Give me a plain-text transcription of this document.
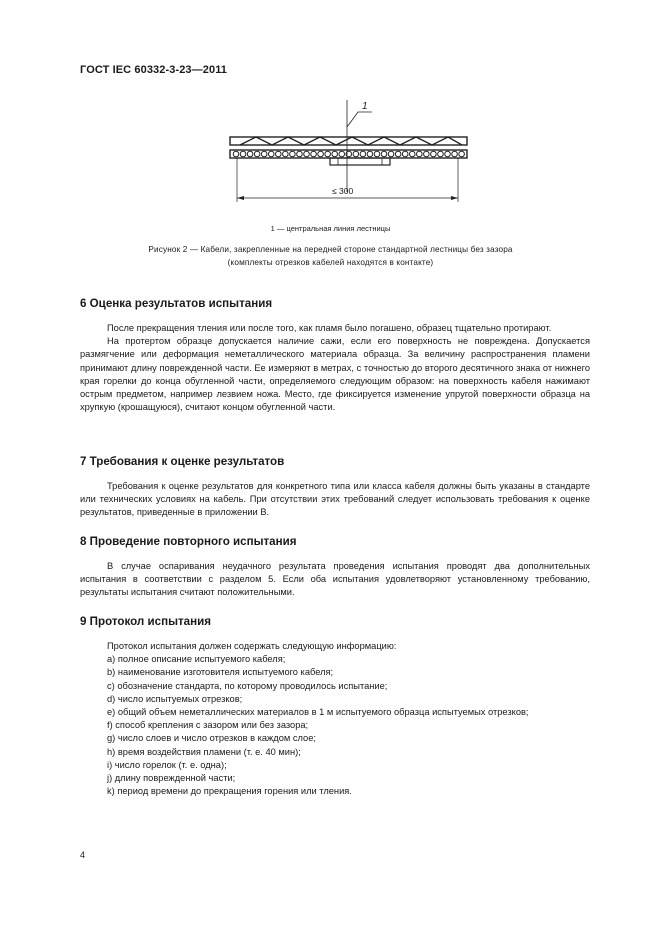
ГОСТ IEC 60332-3-23—2011
1
≤ 300
1 — центральная линия лестницы
Рисунок 2 — Кабели, закрепленные на передней стороне стандартной лестницы без зазора
(комплекты отрезков кабелей находятся в контакте)
6 Оценка результатов испытания

После прекращения тления или после того, как пламя было погашено, образец тщательно протирают.

На протертом образце допускается наличие сажи, если его поверхность не повреждена. Допускается размягчение или деформация неметаллического материала образца. За величину распространения пламени принимают длину поврежденной части. Ее измеряют в метрах, с точностью до второго десятичного знака от нижнего края горелки до конца обугленной части, определяемого следующим образом: на поверхность кабеля нажимают острым предметом, например лезвием ножа. Место, где фиксируется изменение упругой поверхности образца на хрупкую (крошащуюся), считают концом обугленной части.

7 Требования к оценке результатов

Требования к оценке результатов для конкретного типа или класса кабеля должны быть указаны в стандарте или технических условиях на кабель. При отсутствии этих требований следует использовать требования к оценке результатов, приведенные в приложении В.

8 Проведение повторного испытания

В случае оспаривания неудачного результата проведения испытания проводят два дополнительных испытания в соответствии с разделом 5. Если оба испытания удовлетворяют установленному требованию, результаты испытания считают положительными.

9 Протокол испытания

Протокол испытания должен содержать следующую информацию:

a) полное описание испытуемого кабеля;
b) наименование изготовителя испытуемого кабеля;
c) обозначение стандарта, по которому проводилось испытание;
d) число испытуемых отрезков;
e) общий объем неметаллических материалов в 1 м испытуемого образца испытуемых отрезков;
f) способ крепления с зазором или без зазора;
g) число слоев и число отрезков в каждом слое;
h) время воздействия пламени (т. е. 40 мин);
i) число горелок (т. е. одна);
j) длину поврежденной части;
k) период времени до прекращения горения или тления.
4
